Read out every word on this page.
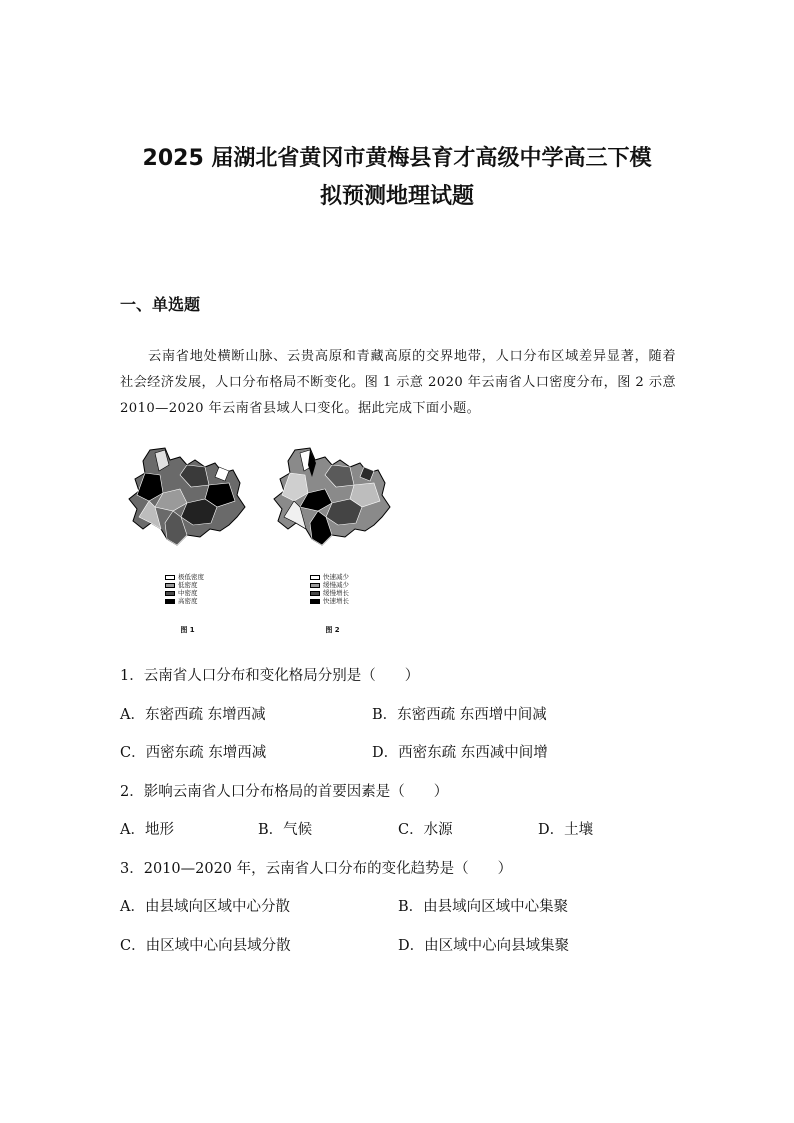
2025 届湖北省黄冈市黄梅县育才高级中学高三下模
拟预测地理试题
一、单选题

云南省地处横断山脉、云贵高原和青藏高原的交界地带，人口分布区域差异显著，随着社会经济发展，人口分布格局不断变化。图 1 示意 2020 年云南省人口密度分布，图 2 示意 2010—2020 年云南省县域人口变化。据此完成下面小题。

极低密度
低密度
中密度
高密度
图 1
快速减少
缓慢减少
缓慢增长
快速增长
图 2
1．云南省人口分布和变化格局分别是（　　）
A．东密西疏 东增西减	B．东密西疏 东西增中间减
C．西密东疏 东增西减	D．西密东疏 东西减中间增
2．影响云南省人口分布格局的首要因素是（　　）
A．地形	B．气候	C．水源	D．土壤
3．2010—2020 年，云南省人口分布的变化趋势是（　　）
A．由县域向区域中心分散	B．由县域向区域中心集聚
C．由区域中心向县域分散	D．由区域中心向县域集聚
